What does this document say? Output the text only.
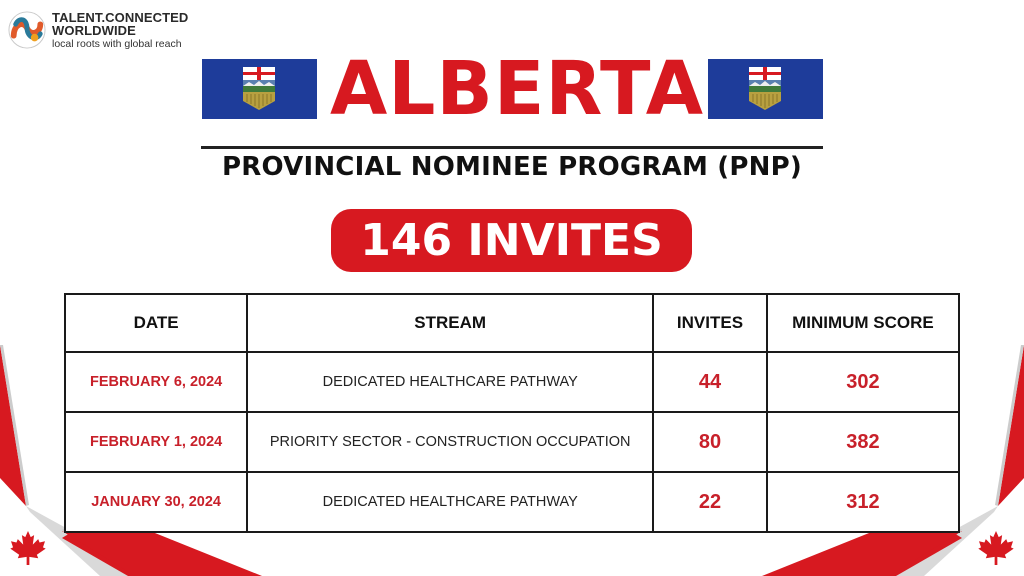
TALENT.CONNECTED
WORLDWIDE
local roots with global reach
ALBERTA
PROVINCIAL NOMINEE PROGRAM (PNP)
146 INVITES
DATE	STREAM	INVITES	MINIMUM SCORE
FEBRUARY 6, 2024	DEDICATED HEALTHCARE PATHWAY	44	302
FEBRUARY 1, 2024	PRIORITY SECTOR - CONSTRUCTION OCCUPATION	80	382
JANUARY 30, 2024	DEDICATED HEALTHCARE PATHWAY	22	312
